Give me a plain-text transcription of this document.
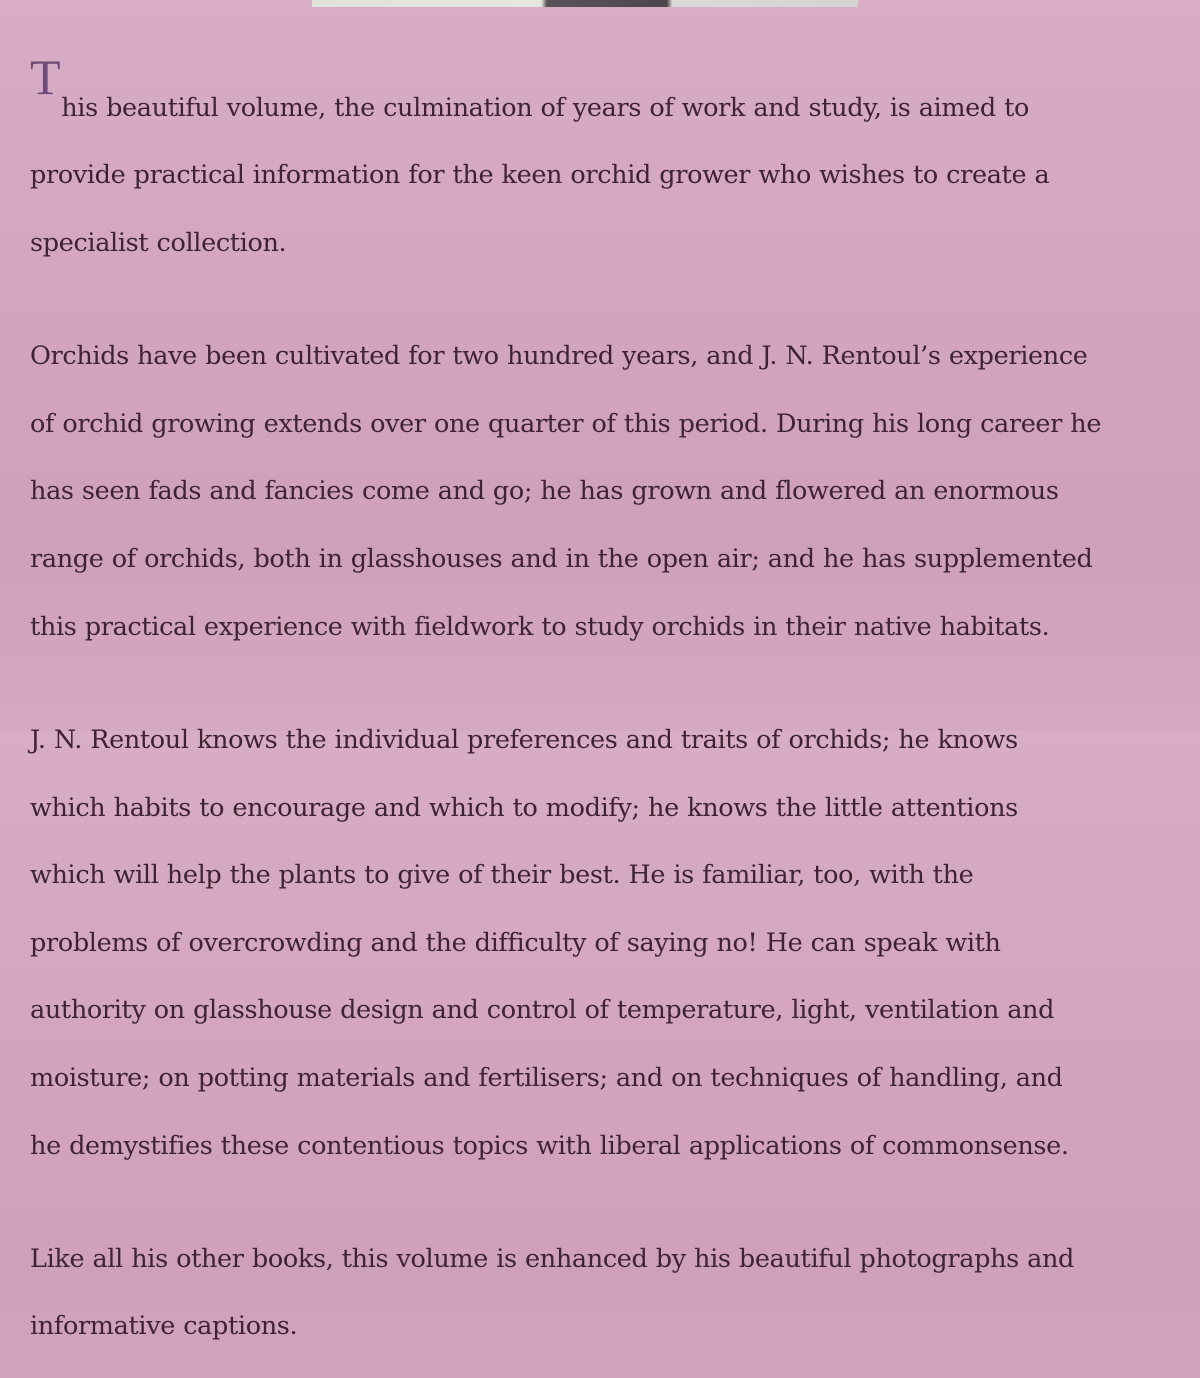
T

his beautiful volume, the culmination of years of work and study, is aimed to

provide practical information for the keen orchid grower who wishes to create a

specialist collection.

Orchids have been cultivated for two hundred years, and J. N. Rentoul’s experience

of orchid growing extends over one quarter of this period. During his long career he

has seen fads and fancies come and go; he has grown and flowered an enormous

range of orchids, both in glasshouses and in the open air; and he has supplemented

this practical experience with fieldwork to study orchids in their native habitats.

J. N. Rentoul knows the individual preferences and traits of orchids; he knows

which habits to encourage and which to modify; he knows the little attentions

which will help the plants to give of their best. He is familiar, too, with the

problems of overcrowding and the difficulty of saying no! He can speak with

authority on glasshouse design and control of temperature, light, ventilation and

moisture; on potting materials and fertilisers; and on techniques of handling, and

he demystifies these contentious topics with liberal applications of commonsense.

Like all his other books, this volume is enhanced by his beautiful photographs and

informative captions.
